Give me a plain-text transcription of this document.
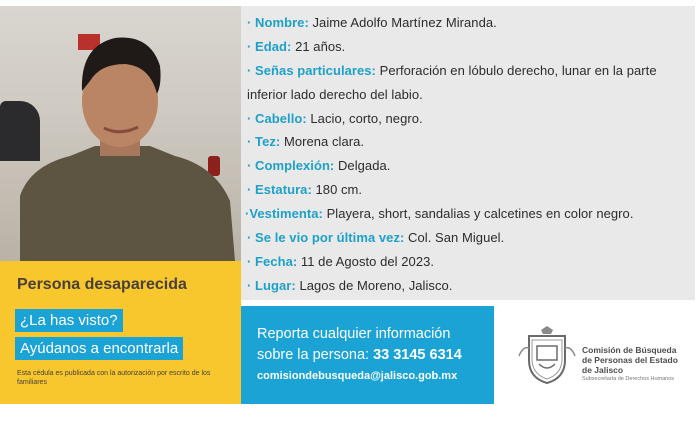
· Nombre: Jaime Adolfo Martínez Miranda.
· Edad: 21 años.
· Señas particulares: Perforación en lóbulo derecho, lunar en la parte
inferior lado derecho del labio.
· Cabello: Lacio, corto, negro.
· Tez: Morena clara.
· Complexión: Delgada.
· Estatura: 180 cm.
·Vestimenta: Playera, short, sandalias y calcetines en color negro.
· Se le vio por última vez: Col. San Miguel.
· Fecha: 11 de Agosto del 2023.
· Lugar: Lagos de Moreno, Jalisco.
Persona desaparecida
¿La has visto?
Ayúdanos a encontrarla
Esta cédula es publicada con la autorización por escrito de los familiares
Reporta cualquier información
sobre la persona: 33 3145 6314
comisiondebusqueda@jalisco.gob.mx
Comisión de Búsqueda
de Personas del Estado
de Jalisco
Subsecretaría de Derechos Humanos
